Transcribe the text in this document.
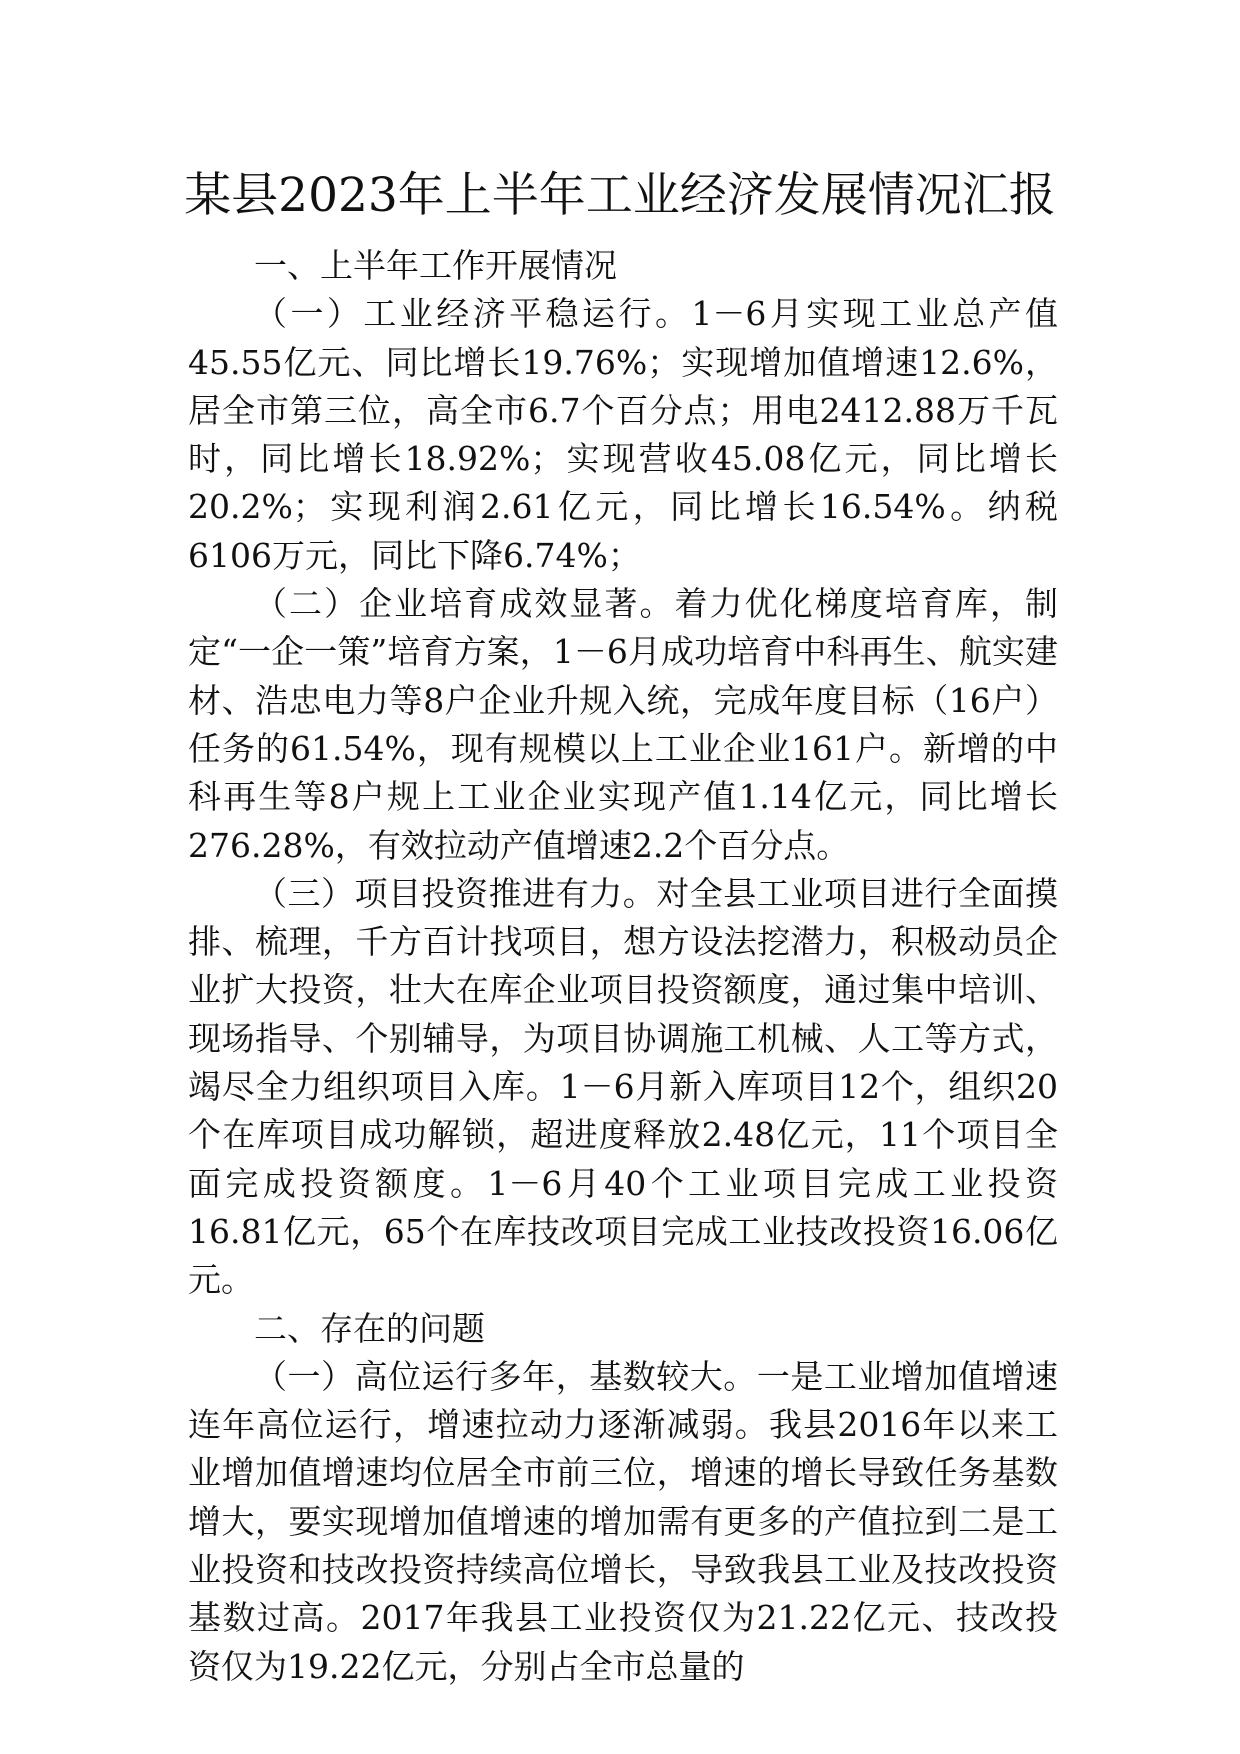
某县2023年上半年工业经济发展情况汇报

一、上半年工作开展情况

（一）工业经济平稳运行。1－6月实现工业总产值45.55亿元、同比增长19.76%；实现增加值增速12.6%，居全市第三位，高全市6.7个百分点；用电2412.88万千瓦时，同比增长18.92%；实现营收45.08亿元，同比增长20.2%；实现利润2.61亿元，同比增长16.54%。纳税6106万元，同比下降6.74%；

（二）企业培育成效显著。着力优化梯度培育库，制定“一企一策”培育方案，1－6月成功培育中科再生、航实建材、浩忠电力等8户企业升规入统，完成年度目标（16户）任务的61.54%，现有规模以上工业企业161户。新增的中科再生等8户规上工业企业实现产值1.14亿元，同比增长276.28%，有效拉动产值增速2.2个百分点。

（三）项目投资推进有力。对全县工业项目进行全面摸排、梳理，千方百计找项目，想方设法挖潜力，积极动员企业扩大投资，壮大在库企业项目投资额度，通过集中培训、现场指导、个别辅导，为项目协调施工机械、人工等方式，竭尽全力组织项目入库。1－6月新入库项目12个，组织20个在库项目成功解锁，超进度释放2.48亿元，11个项目全面完成投资额度。1－6月40个工业项目完成工业投资16.81亿元，65个在库技改项目完成工业技改投资16.06亿元。

二、存在的问题

（一）高位运行多年，基数较大。一是工业增加值增速连年高位运行，增速拉动力逐渐减弱。我县2016年以来工业增加值增速均位居全市前三位，增速的增长导致任务基数增大，要实现增加值增速的增加需有更多的产值拉到二是工业投资和技改投资持续高位增长，导致我县工业及技改投资基数过高。2017年我县工业投资仅为21.22亿元、技改投资仅为19.22亿元，分别占全市总量的
